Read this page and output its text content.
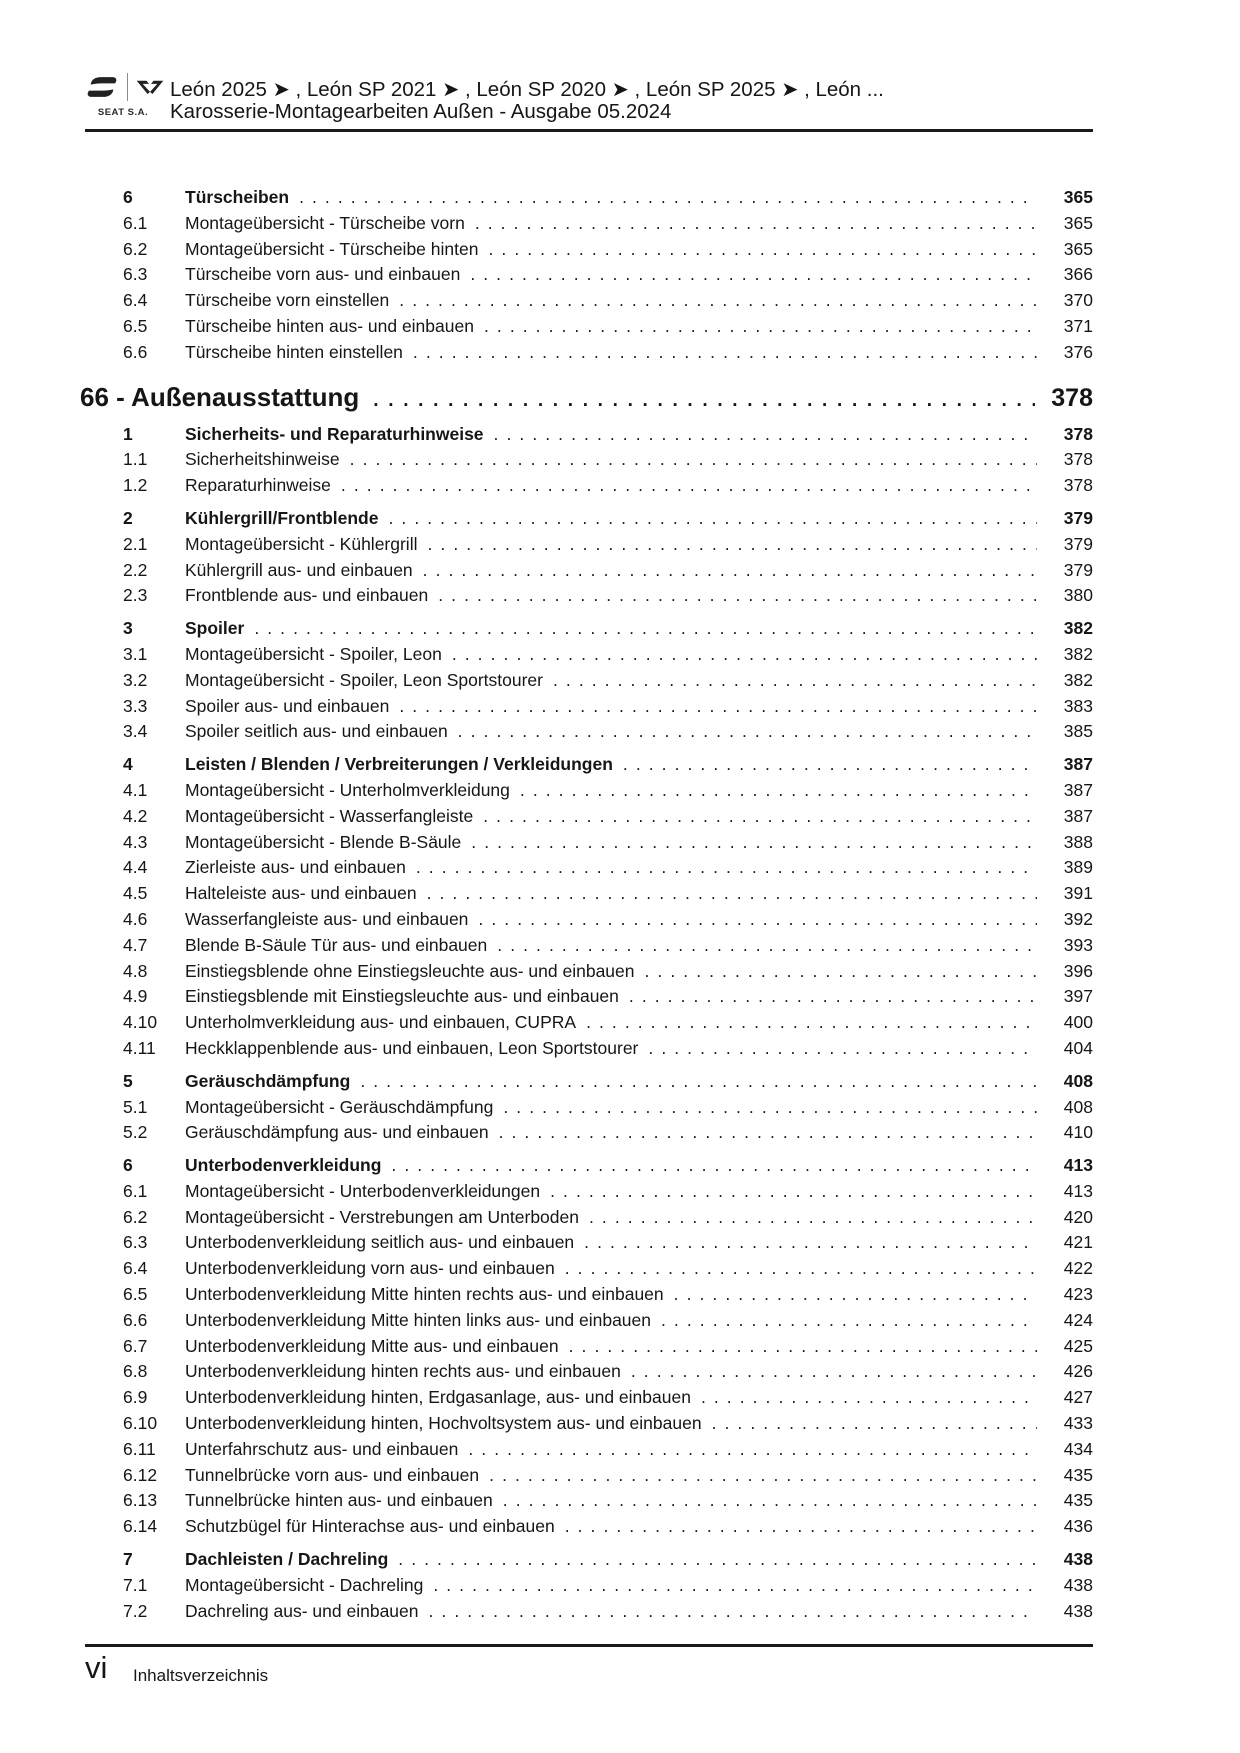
SEAT S.A.
León 2025 ➤ , León SP 2021 ➤ , León SP 2020 ➤ , León SP 2025 ➤ , León ...
Karosserie-Montagearbeiten Außen - Ausgabe 05.2024
6	Türscheiben . . .	365
6.1	Montageübersicht - Türscheibe vorn . . .	365
6.2	Montageübersicht - Türscheibe hinten . . .	365
6.3	Türscheibe vorn aus- und einbauen . . .	366
6.4	Türscheibe vorn einstellen . . .	370
6.5	Türscheibe hinten aus- und einbauen . . .	371
6.6	Türscheibe hinten einstellen . . .	376
66 - Außenausstattung . . .	378
1	Sicherheits- und Reparaturhinweise . . .	378
1.1	Sicherheitshinweise . . .	378
1.2	Reparaturhinweise . . .	378
2	Kühlergrill/Frontblende . . .	379
2.1	Montageübersicht - Kühlergrill . . .	379
2.2	Kühlergrill aus- und einbauen . . .	379
2.3	Frontblende aus- und einbauen . . .	380
3	Spoiler . . .	382
3.1	Montageübersicht - Spoiler, Leon . . .	382
3.2	Montageübersicht - Spoiler, Leon Sportstourer . . .	382
3.3	Spoiler aus- und einbauen . . .	383
3.4	Spoiler seitlich aus- und einbauen . . .	385
4	Leisten / Blenden / Verbreiterungen / Verkleidungen . . .	387
4.1	Montageübersicht - Unterholmverkleidung . . .	387
4.2	Montageübersicht - Wasserfangleiste . . .	387
4.3	Montageübersicht - Blende B-Säule . . .	388
4.4	Zierleiste aus- und einbauen . . .	389
4.5	Halteleiste aus- und einbauen . . .	391
4.6	Wasserfangleiste aus- und einbauen . . .	392
4.7	Blende B-Säule Tür aus- und einbauen . . .	393
4.8	Einstiegsblende ohne Einstiegsleuchte aus- und einbauen . . .	396
4.9	Einstiegsblende mit Einstiegsleuchte aus- und einbauen . . .	397
4.10	Unterholmverkleidung aus- und einbauen, CUPRA . . .	400
4.11	Heckklappenblende aus- und einbauen, Leon Sportstourer . . .	404
5	Geräuschdämpfung . . .	408
5.1	Montageübersicht - Geräuschdämpfung . . .	408
5.2	Geräuschdämpfung aus- und einbauen . . .	410
6	Unterbodenverkleidung . . .	413
6.1	Montageübersicht - Unterbodenverkleidungen . . .	413
6.2	Montageübersicht - Verstrebungen am Unterboden . . .	420
6.3	Unterbodenverkleidung seitlich aus- und einbauen . . .	421
6.4	Unterbodenverkleidung vorn aus- und einbauen . . .	422
6.5	Unterbodenverkleidung Mitte hinten rechts aus- und einbauen . . .	423
6.6	Unterbodenverkleidung Mitte hinten links aus- und einbauen . . .	424
6.7	Unterbodenverkleidung Mitte aus- und einbauen . . .	425
6.8	Unterbodenverkleidung hinten rechts aus- und einbauen . . .	426
6.9	Unterbodenverkleidung hinten, Erdgasanlage, aus- und einbauen . . .	427
6.10	Unterbodenverkleidung hinten, Hochvoltsystem aus- und einbauen . . .	433
6.11	Unterfahrschutz aus- und einbauen . . .	434
6.12	Tunnelbrücke vorn aus- und einbauen . . .	435
6.13	Tunnelbrücke hinten aus- und einbauen . . .	435
6.14	Schutzbügel für Hinterachse aus- und einbauen . . .	436
7	Dachleisten / Dachreling . . .	438
7.1	Montageübersicht - Dachreling . . .	438
7.2	Dachreling aus- und einbauen . . .	438
vi Inhaltsverzeichnis
